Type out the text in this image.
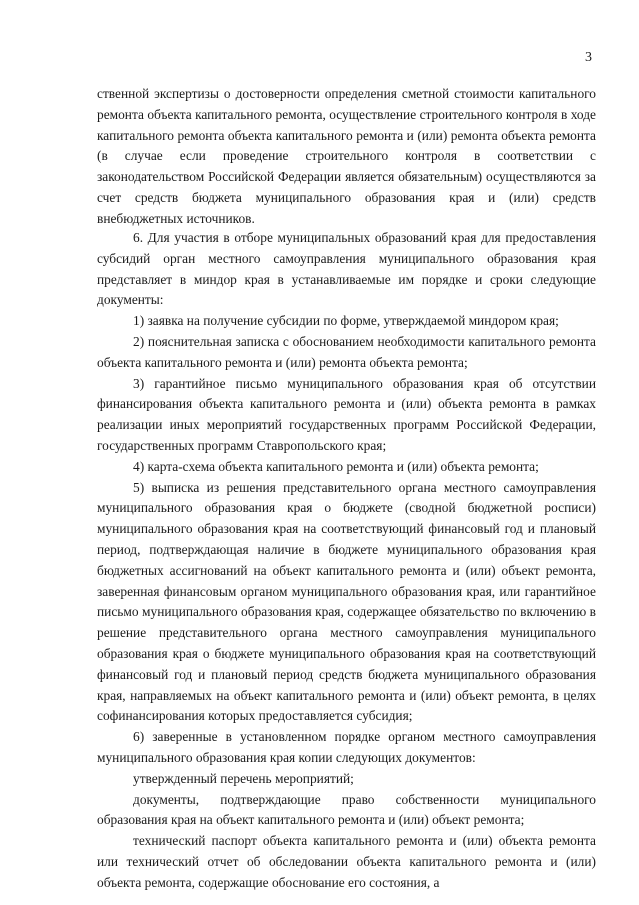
3

ственной экспертизы о достоверности определения сметной стоимости капитального ремонта объекта капитального ремонта, осуществление строительного контроля в ходе капитального ремонта объекта капитального ремонта и (или) ремонта объекта ремонта (в случае если проведение строительного контроля в соответствии с законодательством Российской Федерации является обязательным) осуществляются за счет средств бюджета муниципального образования края и (или) средств внебюджетных источников.

6. Для участия в отборе муниципальных образований края для предоставления субсидий орган местного самоуправления муниципального образования края представляет в миндор края в устанавливаемые им порядке и сроки следующие документы:

1) заявка на получение субсидии по форме, утверждаемой миндором края;

2) пояснительная записка с обоснованием необходимости капитального ремонта объекта капитального ремонта и (или) ремонта объекта ремонта;

3) гарантийное письмо муниципального образования края об отсутствии финансирования объекта капитального ремонта и (или) объекта ремонта в рамках реализации иных мероприятий государственных программ Российской Федерации, государственных программ Ставропольского края;

4) карта-схема объекта капитального ремонта и (или) объекта ремонта;

5) выписка из решения представительного органа местного самоуправления муниципального образования края о бюджете (сводной бюджетной росписи) муниципального образования края на соответствующий финансовый год и плановый период, подтверждающая наличие в бюджете муниципального образования края бюджетных ассигнований на объект капитального ремонта и (или) объект ремонта, заверенная финансовым органом муниципального образования края, или гарантийное письмо муниципального образования края, содержащее обязательство по включению в решение представительного органа местного самоуправления муниципального образования края о бюджете муниципального образования края на соответствующий финансовый год и плановый период средств бюджета муниципального образования края, направляемых на объект капитального ремонта и (или) объект ремонта, в целях софинансирования которых предоставляется субсидия;

6) заверенные в установленном порядке органом местного самоуправления муниципального образования края копии следующих документов:

утвержденный перечень мероприятий;

документы, подтверждающие право собственности муниципального образования края на объект капитального ремонта и (или) объект ремонта;

технический паспорт объекта капитального ремонта и (или) объекта ремонта или технический отчет об обследовании объекта капитального ремонта и (или) объекта ремонта, содержащие обоснование его состояния, а
